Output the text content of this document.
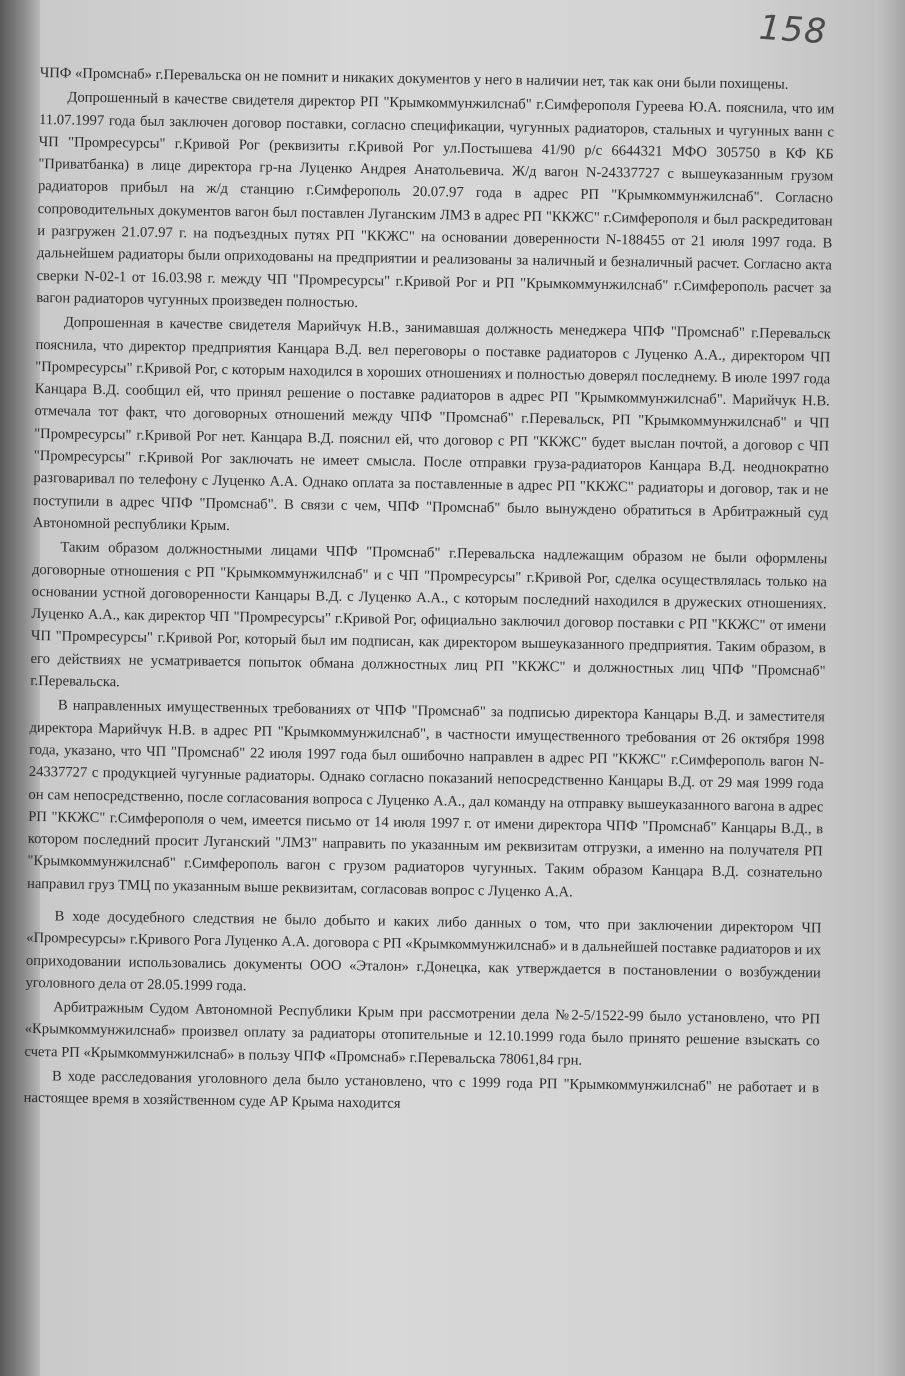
158

ЧПФ «Промснаб» г.Перевальска он не помнит и никаких документов у него в наличии нет, так как они были похищены.

Допрошенный в качестве свидетеля директор РП "Крымкоммунжилснаб" г.Симферополя Гуреева Ю.А. пояснила, что им 11.07.1997 года был заключен договор поставки, согласно спецификации, чугунных радиаторов, стальных и чугунных ванн с ЧП "Промресурсы" г.Кривой Рог (реквизиты г.Кривой Рог ул.Постышева 41/90 р/с 6644321 МФО 305750 в КФ КБ "Приватбанка) в лице директора гр-на Луценко Андрея Анатольевича. Ж/д вагон N-24337727 с вышеуказанным грузом радиаторов прибыл на ж/д станцию г.Симферополь 20.07.97 года в адрес РП "Крымкоммунжилснаб". Согласно сопроводительных документов вагон был поставлен Луганским ЛМЗ в адрес РП "ККЖС" г.Симферополя и был раскредитован и разгружен 21.07.97 г. на подъездных путях РП "ККЖС" на основании доверенности N-188455 от 21 июля 1997 года. В дальнейшем радиаторы были оприходованы на предприятии и реализованы за наличный и безналичный расчет. Согласно акта сверки N-02-1 от 16.03.98 г. между ЧП "Промресурсы" г.Кривой Рог и РП "Крымкоммунжилснаб" г.Симферополь расчет за вагон радиаторов чугунных произведен полностью.

Допрошенная в качестве свидетеля Марийчук Н.В., занимавшая должность менеджера ЧПФ "Промснаб" г.Перевальск пояснила, что директор предприятия Канцара В.Д. вел переговоры о поставке радиаторов с Луценко А.А., директором ЧП "Промресурсы" г.Кривой Рог, с которым находился в хороших отношениях и полностью доверял последнему. В июле 1997 года Канцара В.Д. сообщил ей, что принял решение о поставке радиаторов в адрес РП "Крымкоммунжилснаб". Марийчук Н.В. отмечала тот факт, что договорных отношений между ЧПФ "Промснаб" г.Перевальск, РП "Крымкоммунжилснаб" и ЧП "Промресурсы" г.Кривой Рог нет. Канцара В.Д. пояснил ей, что договор с РП "ККЖС" будет выслан почтой, а договор с ЧП "Промресурсы" г.Кривой Рог заключать не имеет смысла. После отправки груза-радиаторов Канцара В.Д. неоднократно разговаривал по телефону с Луценко А.А. Однако оплата за поставленные в адрес РП "ККЖС" радиаторы и договор, так и не поступили в адрес ЧПФ "Промснаб". В связи с чем, ЧПФ "Промснаб" было вынуждено обратиться в Арбитражный суд Автономной республики Крым.

Таким образом должностными лицами ЧПФ "Промснаб" г.Перевальска надлежащим образом не были оформлены договорные отношения с РП "Крымкоммунжилснаб" и с ЧП "Промресурсы" г.Кривой Рог, сделка осуществлялась только на основании устной договоренности Канцары В.Д. с Луценко А.А., с которым последний находился в дружеских отношениях. Луценко А.А., как директор ЧП "Промресурсы" г.Кривой Рог, официально заключил договор поставки с РП "ККЖС" от имени ЧП "Промресурсы" г.Кривой Рог, который был им подписан, как директором вышеуказанного предприятия. Таким образом, в его действиях не усматривается попыток обмана должностных лиц РП "ККЖС" и должностных лиц ЧПФ "Промснаб" г.Перевальска.

В направленных имущественных требованиях от ЧПФ "Промснаб" за подписью директора Канцары В.Д. и заместителя директора Марийчук Н.В. в адрес РП "Крымкоммунжилснаб", в частности имущественного требования от 26 октября 1998 года, указано, что ЧП "Промснаб" 22 июля 1997 года был ошибочно направлен в адрес РП "ККЖС" г.Симферополь вагон N-24337727 с продукцией чугунные радиаторы. Однако согласно показаний непосредственно Канцары В.Д. от 29 мая 1999 года он сам непосредственно, после согласования вопроса с Луценко А.А., дал команду на отправку вышеуказанного вагона в адрес РП "ККЖС" г.Симферополя о чем, имеется письмо от 14 июля 1997 г. от имени директора ЧПФ "Промснаб" Канцары В.Д., в котором последний просит Луганский "ЛМЗ" направить по указанным им реквизитам отгрузки, а именно на получателя РП "Крымкоммунжилснаб" г.Симферополь вагон с грузом радиаторов чугунных. Таким образом Канцара В.Д. сознательно направил груз ТМЦ по указанным выше реквизитам, согласовав вопрос с Луценко А.А.

В ходе досудебного следствия не было добыто и каких либо данных о том, что при заключении директором ЧП «Промресурсы» г.Кривого Рога Луценко А.А. договора с РП «Крымкоммунжилснаб» и в дальнейшей поставке радиаторов и их оприходовании использовались документы ООО «Эталон» г.Донецка, как утверждается в постановлении о возбуждении уголовного дела от 28.05.1999 года.

Арбитражным Судом Автономной Республики Крым при рассмотрении дела №2-5/1522-99 было установлено, что РП «Крымкоммунжилснаб» произвел оплату за радиаторы отопительные и 12.10.1999 года было принято решение взыскать со счета РП «Крымкоммунжилснаб» в пользу ЧПФ «Промснаб» г.Перевальска 78061,84 грн.

В ходе расследования уголовного дела было установлено, что с 1999 года РП "Крымкоммунжилснаб" не работает и в настоящее время в хозяйственном суде АР Крыма находится
